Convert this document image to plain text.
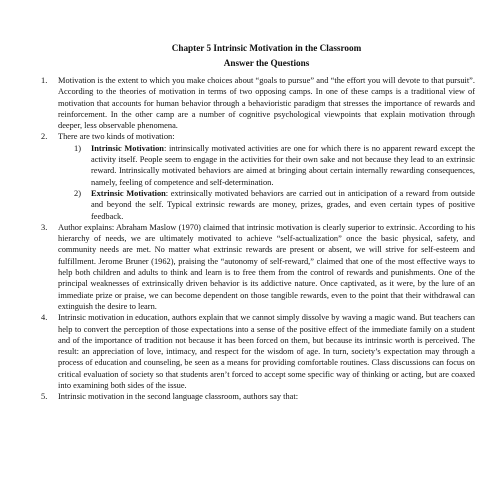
Chapter 5 Intrinsic Motivation in the Classroom

Answer the Questions

1. Motivation is the extent to which you make choices about “goals to pursue” and “the effort you will devote to that pursuit”. According to the theories of motivation in terms of two opposing camps. In one of these camps is a traditional view of motivation that accounts for human behavior through a behavioristic paradigm that stresses the importance of rewards and reinforcement. In the other camp are a number of cognitive psychological viewpoints that explain motivation through deeper, less observable phenomena.
2. There are two kinds of motivation:
1) Intrinsic Motivation: intrinsically motivated activities are one for which there is no apparent reward except the activity itself. People seem to engage in the activities for their own sake and not because they lead to an extrinsic reward. Intrinsically motivated behaviors are aimed at bringing about certain internally rewarding consequences, namely, feeling of competence and self-determination.
2) Extrinsic Motivation: extrinsically motivated behaviors are carried out in anticipation of a reward from outside and beyond the self. Typical extrinsic rewards are money, prizes, grades, and even certain types of positive feedback.
3. Author explains: Abraham Maslow (1970) claimed that intrinsic motivation is clearly superior to extrinsic. According to his hierarchy of needs, we are ultimately motivated to achieve “self-actualization” once the basic physical, safety, and community needs are met. No matter what extrinsic rewards are present or absent, we will strive for self-esteem and fulfillment. Jerome Bruner (1962), praising the “autonomy of self-reward,” claimed that one of the most effective ways to help both children and adults to think and learn is to free them from the control of rewards and punishments. One of the principal weaknesses of extrinsically driven behavior is its addictive nature. Once captivated, as it were, by the lure of an immediate prize or praise, we can become dependent on those tangible rewards, even to the point that their withdrawal can extinguish the desire to learn.
4. Intrinsic motivation in education, authors explain that we cannot simply dissolve by waving a magic wand. But teachers can help to convert the perception of those expectations into a sense of the positive effect of the immediate family on a student and of the importance of tradition not because it has been forced on them, but because its intrinsic worth is perceived. The result: an appreciation of love, intimacy, and respect for the wisdom of age. In turn, society’s expectation may through a process of education and counseling, be seen as a means for providing comfortable routines. Class discussions can focus on critical evaluation of society so that students aren’t forced to accept some specific way of thinking or acting, but are coaxed into examining both sides of the issue.
5. Intrinsic motivation in the second language classroom, authors say that:
